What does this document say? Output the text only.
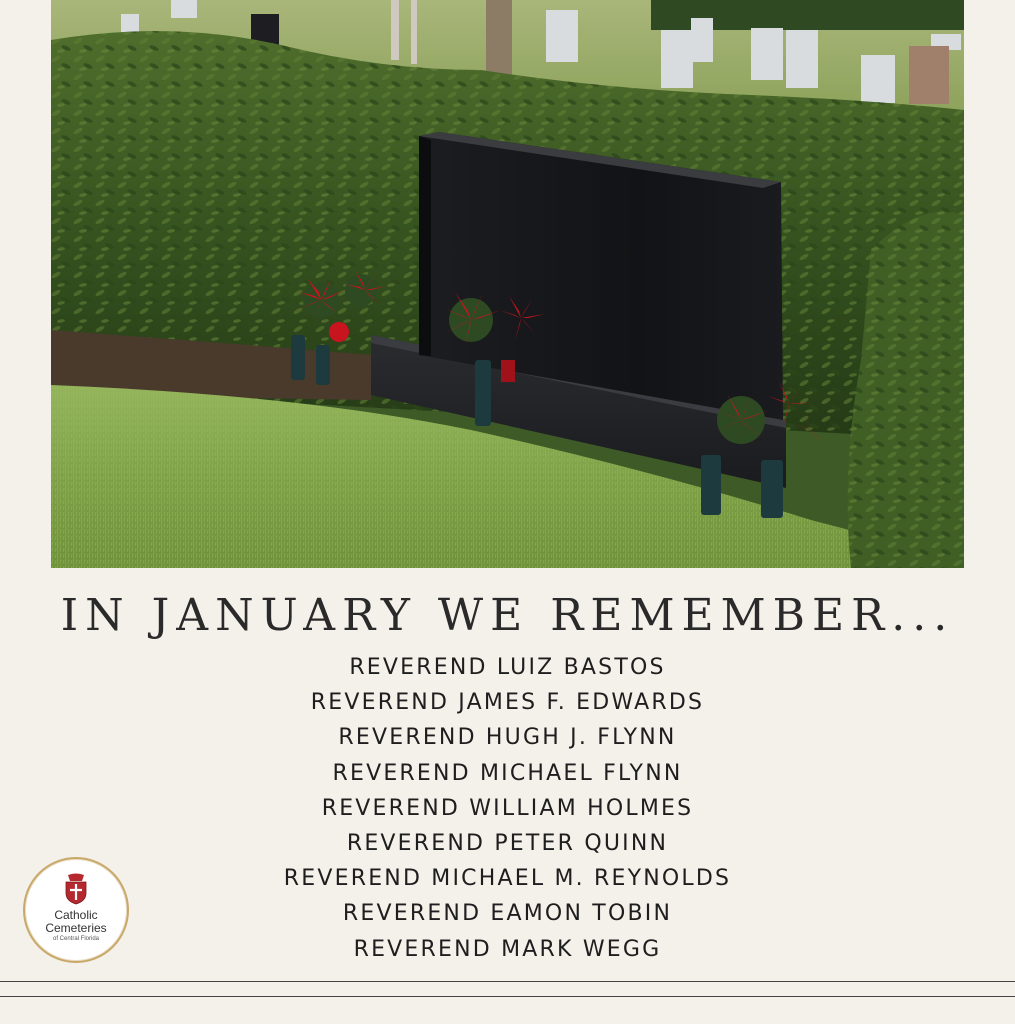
IN JANUARY WE REMEMBER...
REVEREND LUIZ BASTOS
REVEREND JAMES F. EDWARDS
REVEREND HUGH J. FLYNN
REVEREND MICHAEL FLYNN
REVEREND WILLIAM HOLMES
REVEREND PETER QUINN
REVEREND MICHAEL M. REYNOLDS
REVEREND EAMON TOBIN
REVEREND MARK WEGG
Catholic
Cemeteries
of Central Florida
